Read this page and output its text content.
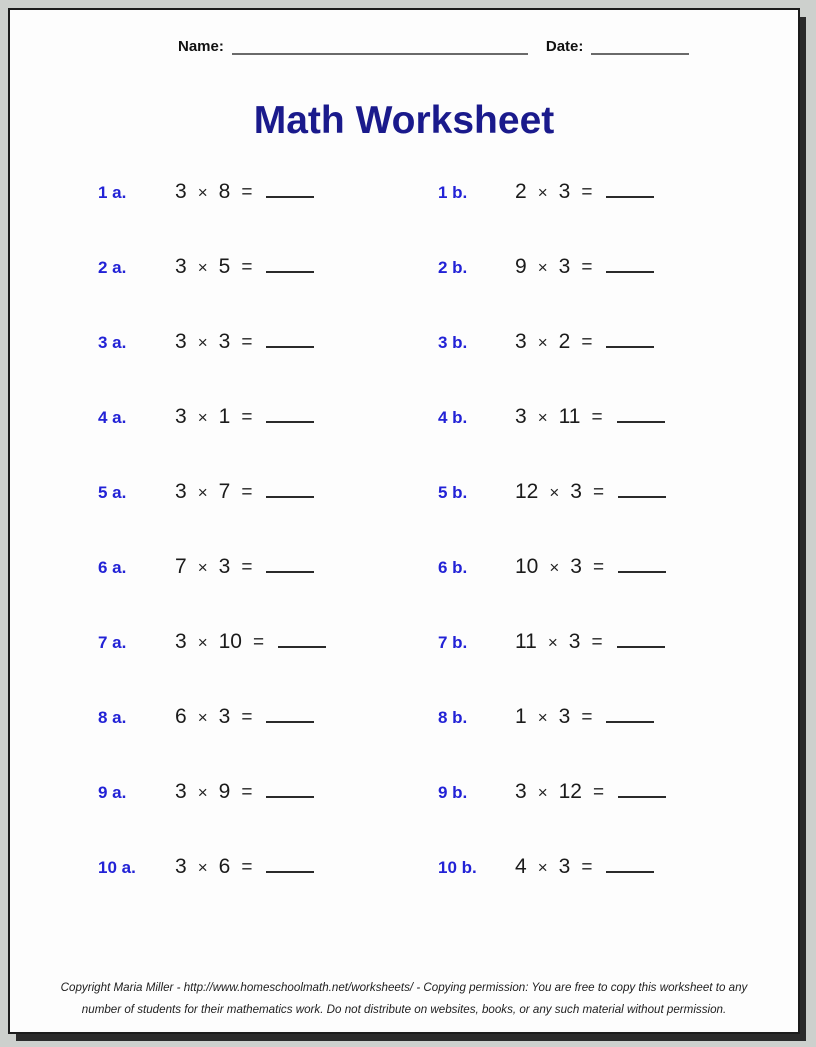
Name:	Date:
Math Worksheet
1 a.	3 × 8 =	1 b.	2 × 3 =
2 a.	3 × 5 =	2 b.	9 × 3 =
3 a.	3 × 3 =	3 b.	3 × 2 =
4 a.	3 × 1 =	4 b.	3 × 11 =
5 a.	3 × 7 =	5 b.	12 × 3 =
6 a.	7 × 3 =	6 b.	10 × 3 =
7 a.	3 × 10 =	7 b.	11 × 3 =
8 a.	6 × 3 =	8 b.	1 × 3 =
9 a.	3 × 9 =	9 b.	3 × 12 =
10 a.	3 × 6 =	10 b.	4 × 3 =
Copyright Maria Miller - http://www.homeschoolmath.net/worksheets/ - Copying permission: You are free to copy this worksheet to any
number of students for their mathematics work. Do not distribute on websites, books, or any such material without permission.
